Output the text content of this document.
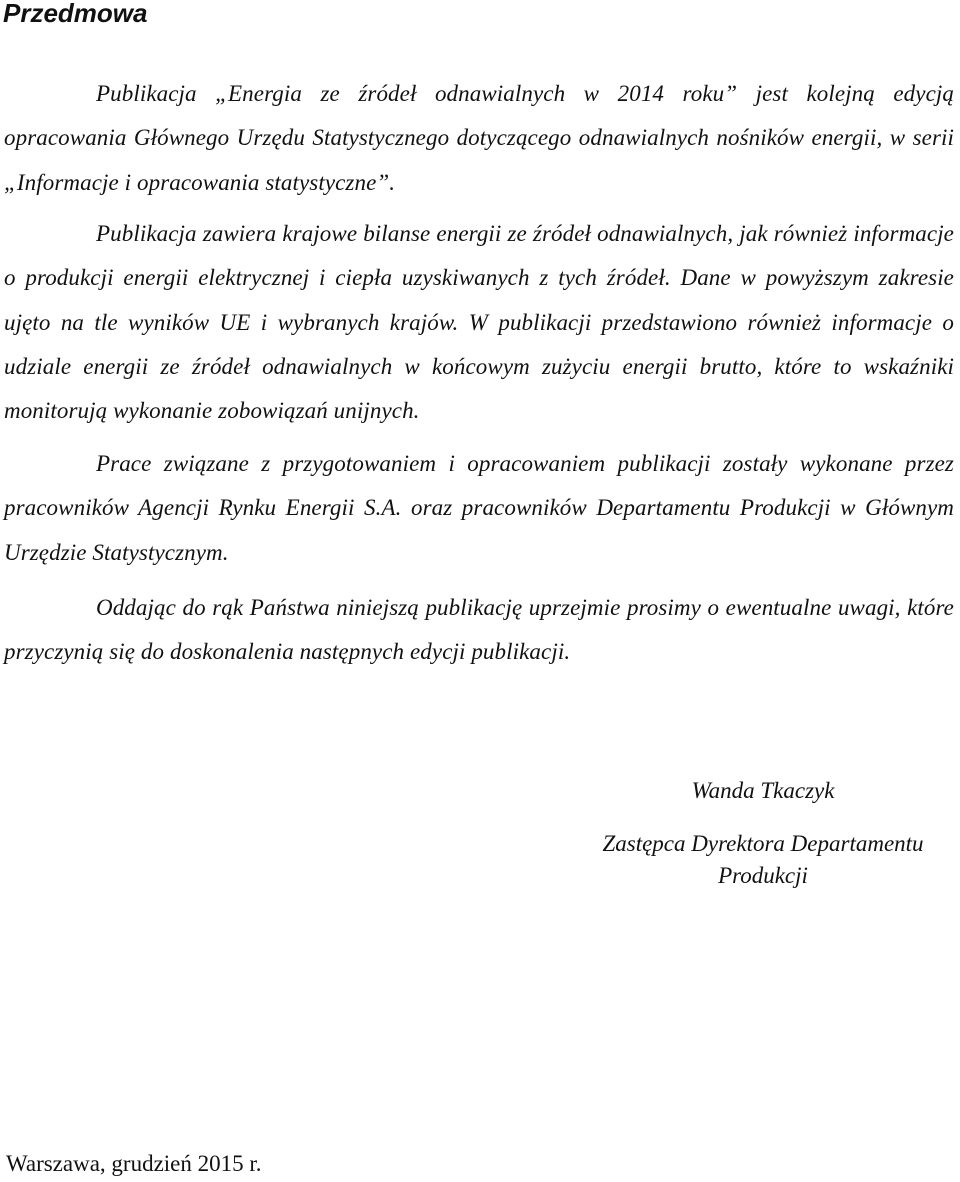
Przedmowa

Publikacja „Energia ze źródeł odnawialnych w 2014 roku” jest kolejną edycją opracowania Głównego Urzędu Statystycznego dotyczącego odnawialnych nośników energii, w serii „Informacje i opracowania statystyczne”.

Publikacja zawiera krajowe bilanse energii ze źródeł odnawialnych, jak również informacje o produkcji energii elektrycznej i ciepła uzyskiwanych z tych źródeł. Dane w powyższym zakresie ujęto na tle wyników UE i wybranych krajów. W publikacji przedstawiono również informacje o udziale energii ze źródeł odnawialnych w końcowym zużyciu energii brutto, które to wskaźniki monitorują wykonanie zobowiązań unijnych.

Prace związane z przygotowaniem i opracowaniem publikacji zostały wykonane przez pracowników Agencji Rynku Energii S.A. oraz pracowników Departamentu Produkcji w Głównym Urzędzie Statystycznym.

Oddając do rąk Państwa niniejszą publikację uprzejmie prosimy o ewentualne uwagi, które przyczynią się do doskonalenia następnych edycji publikacji.

Wanda Tkaczyk

Zastępca Dyrektora Departamentu Produkcji

Warszawa, grudzień 2015 r.
